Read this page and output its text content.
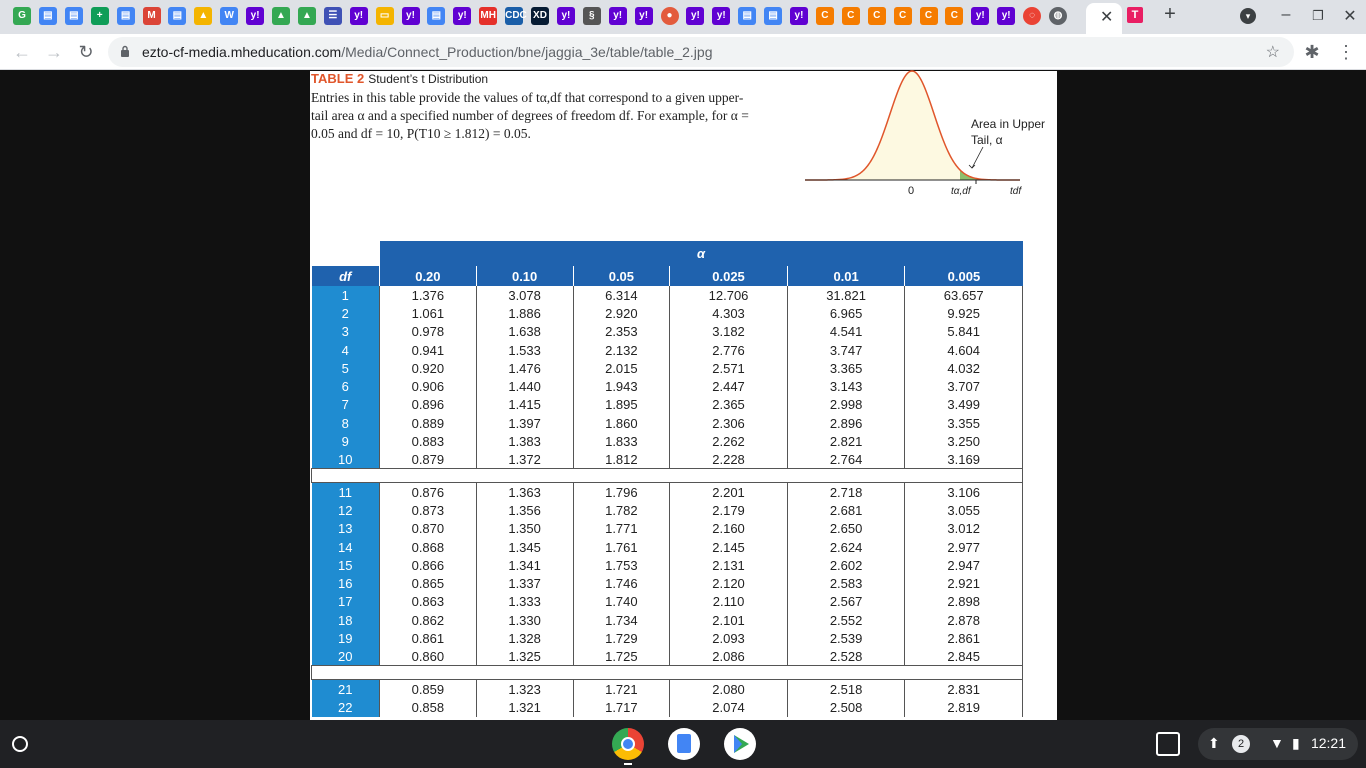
G	▤	▤	+	▤	M	▤	▲	W	y!	▲	▲	☰	y!	▭	y!	▤	y!	MH CDC XD	y!	§	y!	y!	●	y!	y!	▤	▤	y!	C	C	C	C	C	C	y!	y!	◌	◍ ✕	T	+	▾	–	❐ ✕
← → ↻	ezto-cf-media.mheducation.com/Media/Connect_Production/bne/jaggia_3e/table/table_2.jpg	☆ ✱ ⋮
TABLE 2 Student’s t Distribution
Entries in this table provide the values of tα,df that correspond to a given upper-tail area α and a specified number of degrees of freedom df. For example, for α = 0.05 and df = 10, P(T10 ≥ 1.812) = 0.05.
0	tα,df	tdf
Area in Upper
Tail, α
	α					
df	0.20	0.10	0.05	0.025	0.01	0.005
1	1.376	3.078	6.314	12.706	31.821	63.657
2	1.061	1.886	2.920	4.303	6.965	9.925
3	0.978	1.638	2.353	3.182	4.541	5.841
4	0.941	1.533	2.132	2.776	3.747	4.604
5	0.920	1.476	2.015	2.571	3.365	4.032
6	0.906	1.440	1.943	2.447	3.143	3.707
7	0.896	1.415	1.895	2.365	2.998	3.499
8	0.889	1.397	1.860	2.306	2.896	3.355
9	0.883	1.383	1.833	2.262	2.821	3.250
10	0.879	1.372	1.812	2.228	2.764	3.169

11	0.876	1.363	1.796	2.201	2.718	3.106
12	0.873	1.356	1.782	2.179	2.681	3.055
13	0.870	1.350	1.771	2.160	2.650	3.012
14	0.868	1.345	1.761	2.145	2.624	2.977
15	0.866	1.341	1.753	2.131	2.602	2.947
16	0.865	1.337	1.746	2.120	2.583	2.921
17	0.863	1.333	1.740	2.110	2.567	2.898
18	0.862	1.330	1.734	2.101	2.552	2.878
19	0.861	1.328	1.729	2.093	2.539	2.861
20	0.860	1.325	1.725	2.086	2.528	2.845

21	0.859	1.323	1.721	2.080	2.518	2.831
22	0.858	1.321	1.717	2.074	2.508	2.819
⬆	2	▼ ▮ 12:21
